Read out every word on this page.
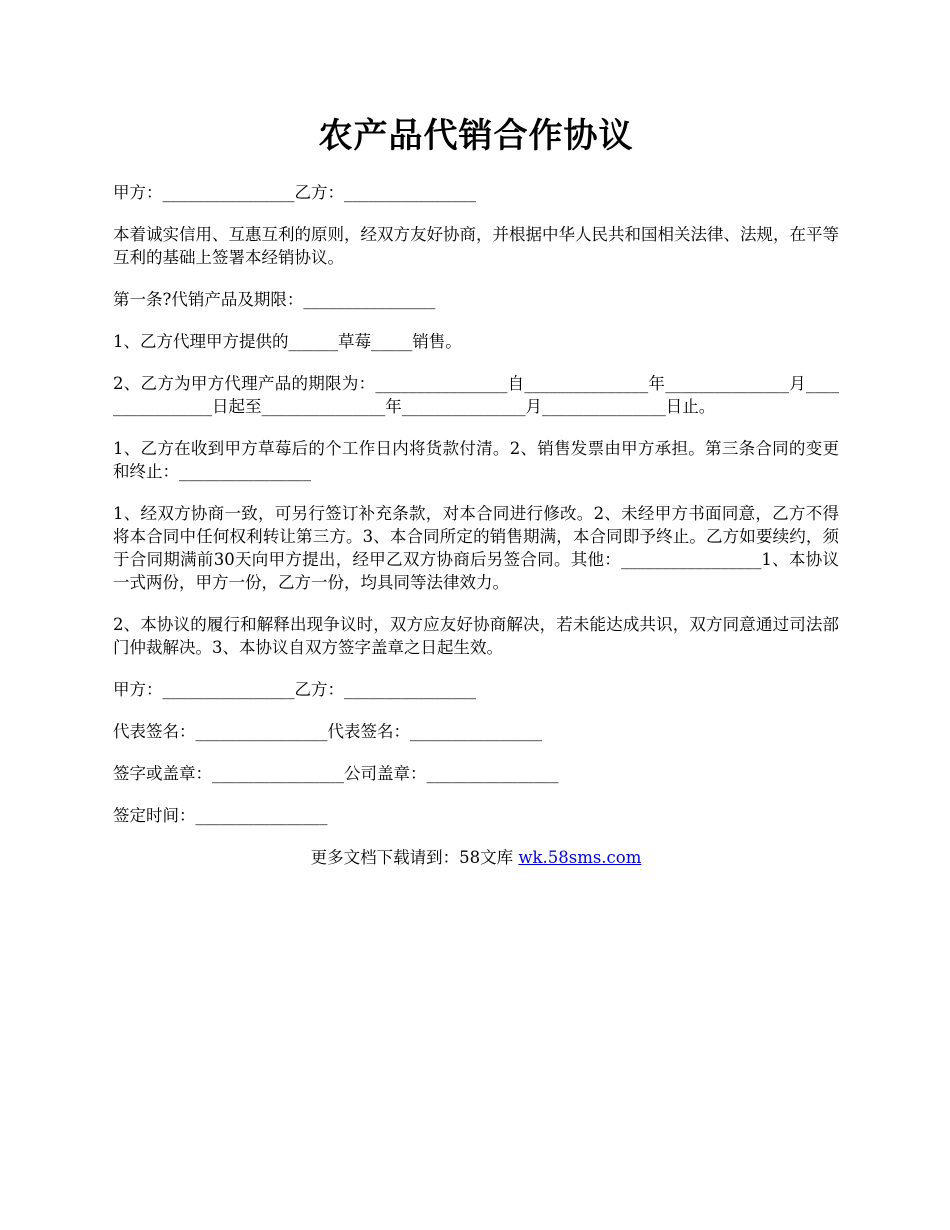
农产品代销合作协议

甲方：________________乙方：________________

本着诚实信用、互惠互利的原则，经双方友好协商，并根据中华人民共和国相关法律、法规，在平等互利的基础上签署本经销协议。

第一条?代销产品及期限：________________

1、乙方代理甲方提供的______草莓_____销售。

2、乙方为甲方代理产品的期限为：________________自_______________年_______________月________________日起至_______________年_______________月_______________日止。

1、乙方在收到甲方草莓后的个工作日内将货款付清。2、销售发票由甲方承担。第三条合同的变更和终止：________________

1、经双方协商一致，可另行签订补充条款，对本合同进行修改。2、未经甲方书面同意，乙方不得将本合同中任何权利转让第三方。3、本合同所定的销售期满，本合同即予终止。乙方如要续约，须于合同期满前30天向甲方提出，经甲乙双方协商后另签合同。其他：_________________1、本协议一式两份，甲方一份，乙方一份，均具同等法律效力。

2、本协议的履行和解释出现争议时，双方应友好协商解决，若未能达成共识，双方同意通过司法部门仲裁解决。3、本协议自双方签字盖章之日起生效。

甲方：________________乙方：________________

代表签名：________________代表签名：________________

签字或盖章：________________公司盖章：________________

签定时间：________________

更多文档下载请到：58文库 wk.58sms.com
